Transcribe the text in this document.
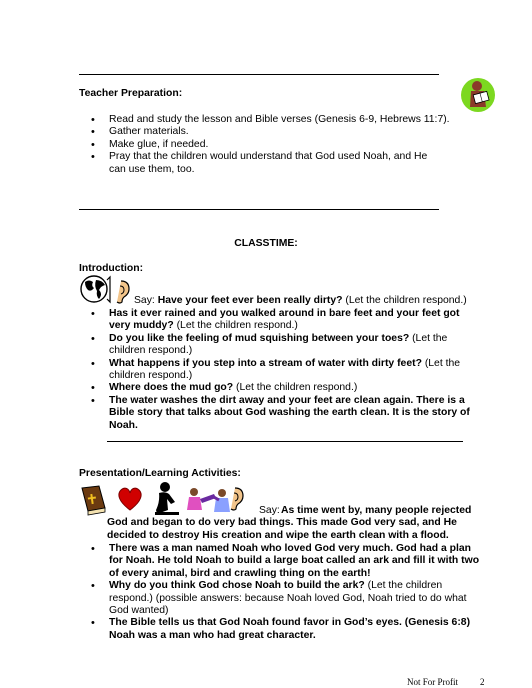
Teacher Preparation:
• Read and study the lesson and Bible verses (Genesis 6-9, Hebrews 11:7).
• Gather materials.
• Make glue, if needed.
• Pray that the children would understand that God used Noah, and He can use them, too.
CLASSTIME:
Introduction:
Say: Have your feet ever been really dirty? (Let the children respond.)
• Has it ever rained and you walked around in bare feet and your feet got very muddy? (Let the children respond.)
• Do you like the feeling of mud squishing between your toes? (Let the children respond.)
• What happens if you step into a stream of water with dirty feet? (Let the children respond.)
• Where does the mud go? (Let the children respond.)
• The water washes the dirt away and your feet are clean again. There is a Bible story that talks about God washing the earth clean. It is the story of Noah.
Presentation/Learning Activities:
Say: As time went by, many people rejected God and began to do very bad things. This made God very sad, and He decided to destroy His creation and wipe the earth clean with a flood.
• There was a man named Noah who loved God very much. God had a plan for Noah. He told Noah to build a large boat called an ark and fill it with two of every animal, bird and crawling thing on the earth!
• Why do you think God chose Noah to build the ark? (Let the children respond.) (possible answers: because Noah loved God, Noah tried to do what God wanted)
• The Bible tells us that God Noah found favor in God’s eyes. (Genesis 6:8) Noah was a man who had great character.
Not For Profit 2
